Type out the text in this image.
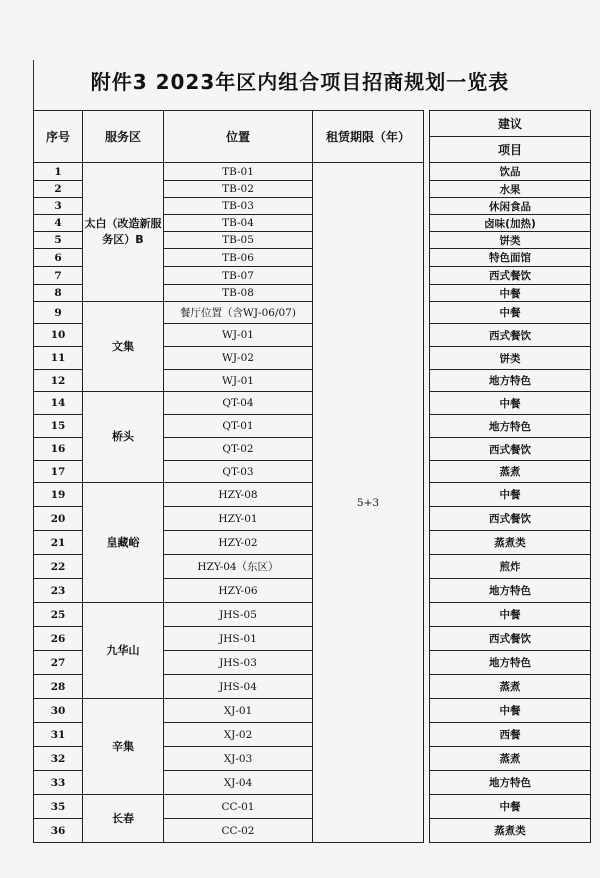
附件3 2023年区内组合项目招商规划一览表
序号	服务区	位置	租赁期限（年）		建议
					项目
1	太白（改造新服务区）B	TB-01	5+3		饮品
2		TB-02			水果
3		TB-03			休闲食品
4		TB-04			卤味(加热)
5		TB-05			饼类
6		TB-06			特色面馆
7		TB-07			西式餐饮
8		TB-08			中餐
9	文集	餐厅位置（含WJ-06/07)			中餐
10		WJ-01			西式餐饮
11		WJ-02			饼类
12		WJ-01			地方特色
14	桥头	QT-04			中餐
15		QT-01			地方特色
16		QT-02			西式餐饮
17		QT-03			蒸煮
19	皇藏峪	HZY-08			中餐
20		HZY-01			西式餐饮
21		HZY-02			蒸煮类
22		HZY-04（东区）			煎炸
23		HZY-06			地方特色
25	九华山	JHS-05			中餐
26		JHS-01			西式餐饮
27		JHS-03			地方特色
28		JHS-04			蒸煮
30	辛集	XJ-01			中餐
31		XJ-02			西餐
32		XJ-03			蒸煮
33		XJ-04			地方特色
35	长春	CC-01			中餐
36		CC-02			蒸煮类
